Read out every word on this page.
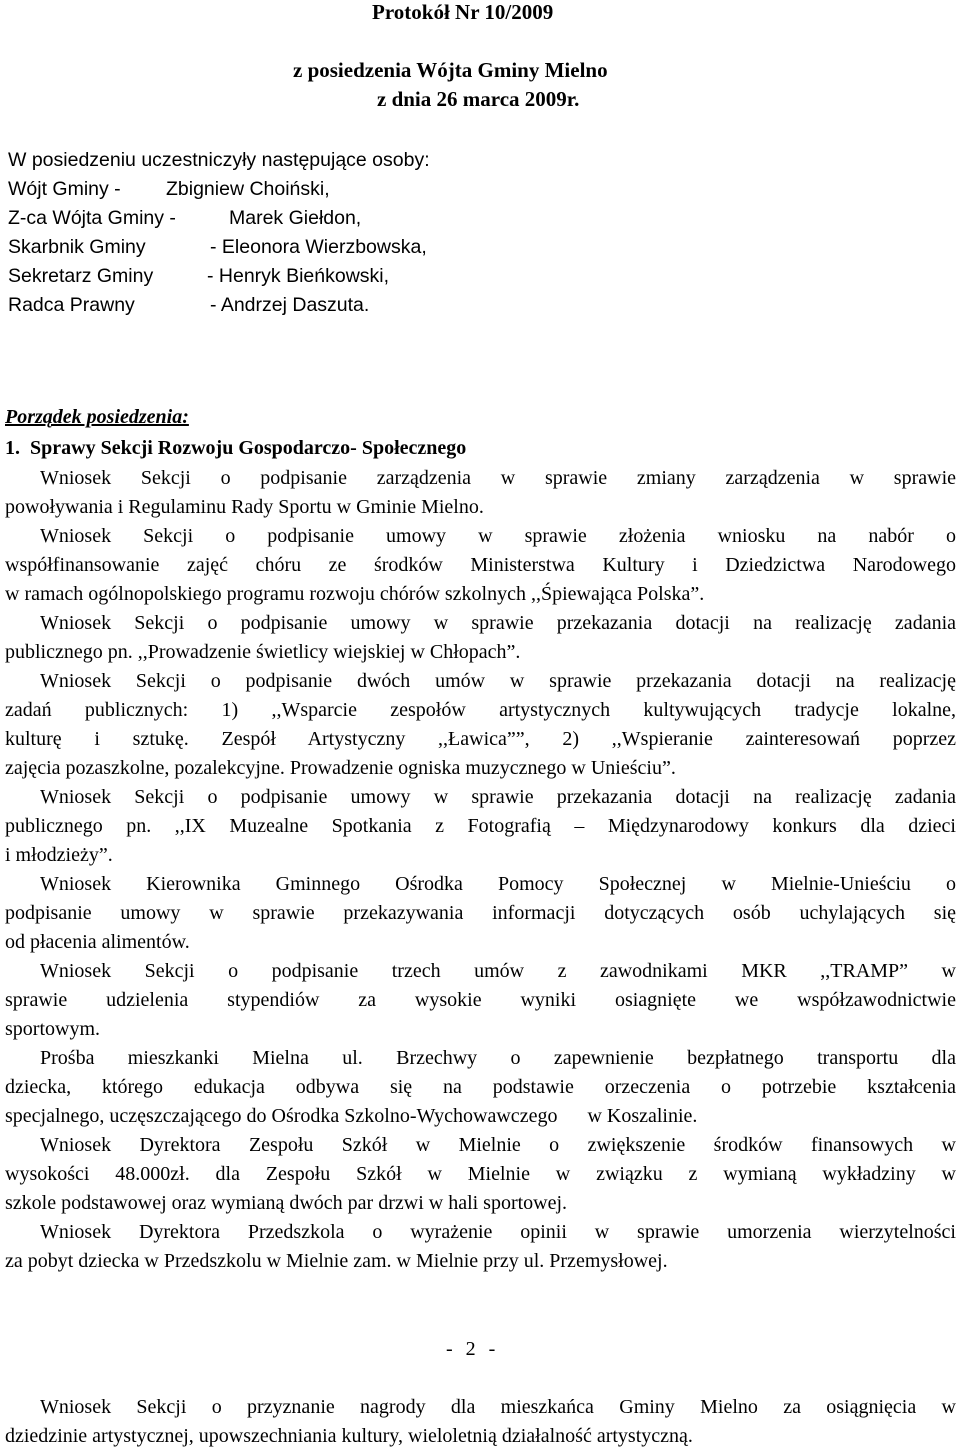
Protokół Nr 10/2009
z posiedzenia Wójta Gminy Mielno
z dnia 26 marca 2009r.
W posiedzeniu uczestniczyły następujące osoby:
Wójt Gminy - Zbigniew Choiński,
Z-ca Wójta Gminy -	Marek Giełdon,
Skarbnik Gminy	- Eleonora Wierzbowska,
Sekretarz Gminy	- Henryk Bieńkowski,
Radca Prawny	- Andrzej Daszuta.
Porządek posiedzenia:
1.  Sprawy Sekcji Rozwoju Gospodarczo- Społecznego
Wniosek Sekcji o podpisanie zarządzenia w sprawie zmiany zarządzenia w sprawie
powoływania i Regulaminu Rady Sportu w Gminie Mielno.
Wniosek Sekcji o podpisanie umowy w sprawie złożenia wniosku na nabór o
współfinansowanie zajęć chóru ze środków Ministerstwa Kultury i Dziedzictwa Narodowego
w ramach ogólnopolskiego programu rozwoju chórów szkolnych ,,Śpiewająca Polska”.
Wniosek Sekcji o podpisanie umowy w sprawie przekazania dotacji na realizację zadania
publicznego pn. ,,Prowadzenie świetlicy wiejskiej w Chłopach”.
Wniosek Sekcji o podpisanie dwóch umów w sprawie przekazania dotacji na realizację
zadań publicznych: 1) ,,Wsparcie zespołów artystycznych kultywujących tradycje lokalne,
kulturę i sztukę. Zespół Artystyczny ,,Ławica””, 2) ,,Wspieranie zainteresowań poprzez
zajęcia pozaszkolne, pozalekcyjne. Prowadzenie ogniska muzycznego w Unieściu”.
Wniosek Sekcji o podpisanie umowy w sprawie przekazania dotacji na realizację zadania
publicznego pn. ,,IX Muzealne Spotkania z Fotografią – Międzynarodowy konkurs dla dzieci
i młodzieży”.
Wniosek Kierownika Gminnego Ośrodka Pomocy Społecznej w Mielnie-Unieściu o
podpisanie umowy w sprawie przekazywania informacji dotyczących osób uchylających się
od płacenia alimentów.
Wniosek Sekcji o podpisanie trzech umów z zawodnikami MKR ,,TRAMP” w
sprawie udzielenia stypendiów za wysokie wyniki osiagnięte we współzawodnictwie
sportowym.
Prośba mieszkanki Mielna ul. Brzechwy o zapewnienie bezpłatnego transportu dla
dziecka, którego edukacja odbywa się na podstawie orzeczenia o potrzebie kształcenia
specjalnego, uczęszczającego do Ośrodka Szkolno-Wychowawczego      w Koszalinie.
Wniosek Dyrektora Zespołu Szkół w Mielnie o zwiększenie środków finansowych w
wysokości 48.000zł. dla Zespołu Szkół w Mielnie w związku z wymianą wykładziny w
szkole podstawowej oraz wymianą dwóch par drzwi w hali sportowej.
Wniosek Dyrektora Przedszkola o wyrażenie opinii w sprawie umorzenia wierzytelności
za pobyt dziecka w Przedszkolu w Mielnie zam. w Mielnie przy ul. Przemysłowej.
- 2 -
Wniosek Sekcji o przyznanie nagrody dla mieszkańca Gminy Mielno za osiągnięcia w
dziedzinie artystycznej, upowszechniania kultury, wieloletnią działalność artystyczną.
